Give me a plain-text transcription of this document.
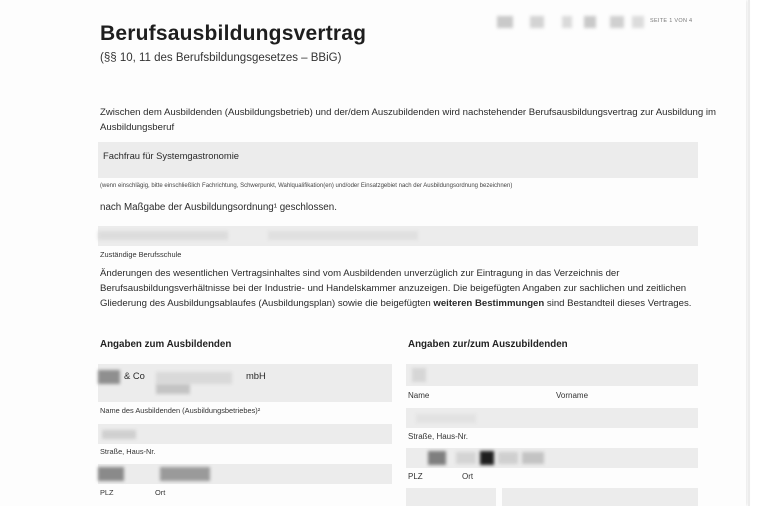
Berufsausbildungsvertrag
(§§ 10, 11 des Berufsbildungsgesetzes – BBiG)
SEITE 1 VON 4
Zwischen dem Ausbildenden (Ausbildungsbetrieb) und der/dem Auszubildenden wird nachstehender Berufsausbildungsvertrag zur Ausbildung im Ausbildungsberuf
Fachfrau für Systemgastronomie
(wenn einschlägig, bitte einschließlich Fachrichtung, Schwerpunkt, Wahlqualifikation(en) und/oder Einsatzgebiet nach der Ausbildungsordnung bezeichnen)
nach Maßgabe der Ausbildungsordnung¹ geschlossen.
Zuständige Berufsschule
Änderungen des wesentlichen Vertragsinhaltes sind vom Ausbildenden unverzüglich zur Eintragung in das Verzeichnis der Berufsausbildungsverhältnisse bei der Industrie- und Handelskammer anzuzeigen. Die beigefügten Angaben zur sachlichen und zeitlichen Gliederung des Ausbildungsablaufes (Ausbildungsplan) sowie die beigefügten weiteren Bestimmungen sind Bestandteil dieses Vertrages.
Angaben zum Ausbildenden
& Co	mbH
Name des Ausbildenden (Ausbildungsbetriebes)²
Straße, Haus-Nr.
PLZ	Ort
Angaben zur/zum Auszubildenden
Name	Vorname
Straße, Haus-Nr.
PLZ	Ort
